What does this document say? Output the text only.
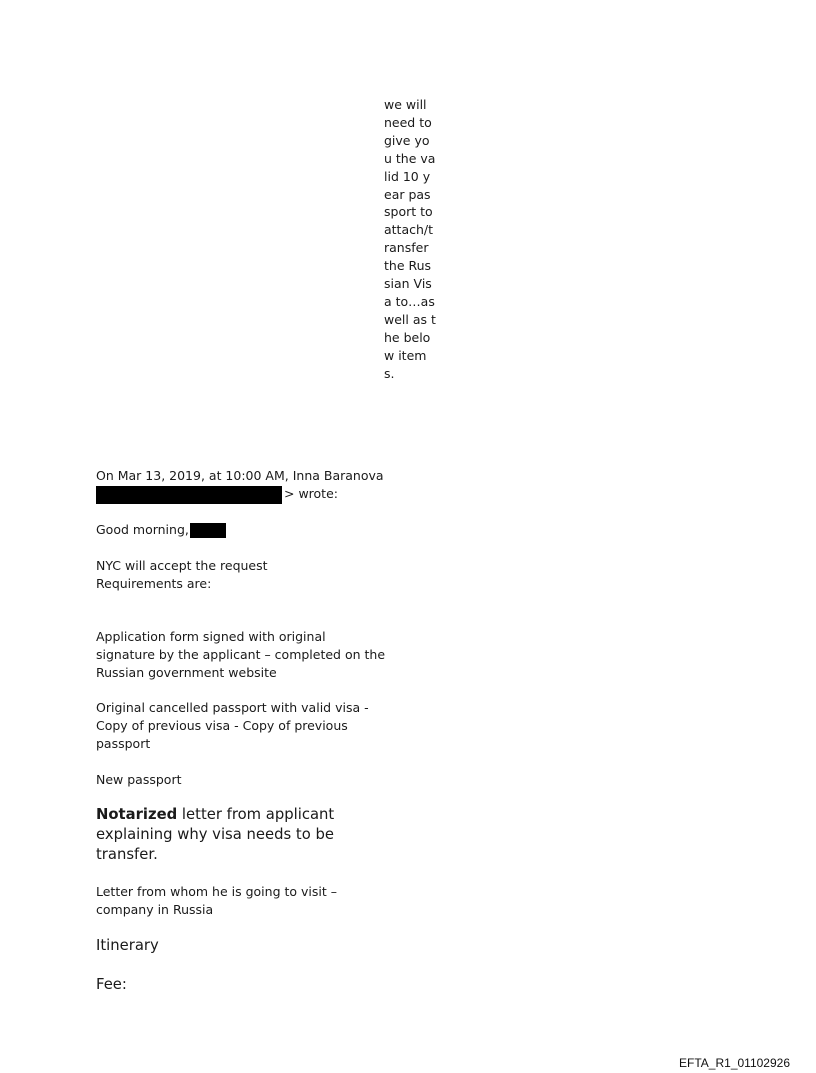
we will need to give you the valid 10 year passport to attach/transfer the Russian Visa to…as well as the below items.

On Mar 13, 2019, at 10:00 AM, Inna Baranova

> wrote:

Good morning,

NYC will accept the request

Requirements are:

Application form signed with original signature by the applicant – completed on the Russian government website

Original cancelled passport with valid visa - Copy of previous visa - Copy of previous passport

New passport

Notarized letter from applicant explaining why visa needs to be transfer.

Letter from whom he is going to visit – company in Russia

Itinerary

Fee:

EFTA_R1_01102926
